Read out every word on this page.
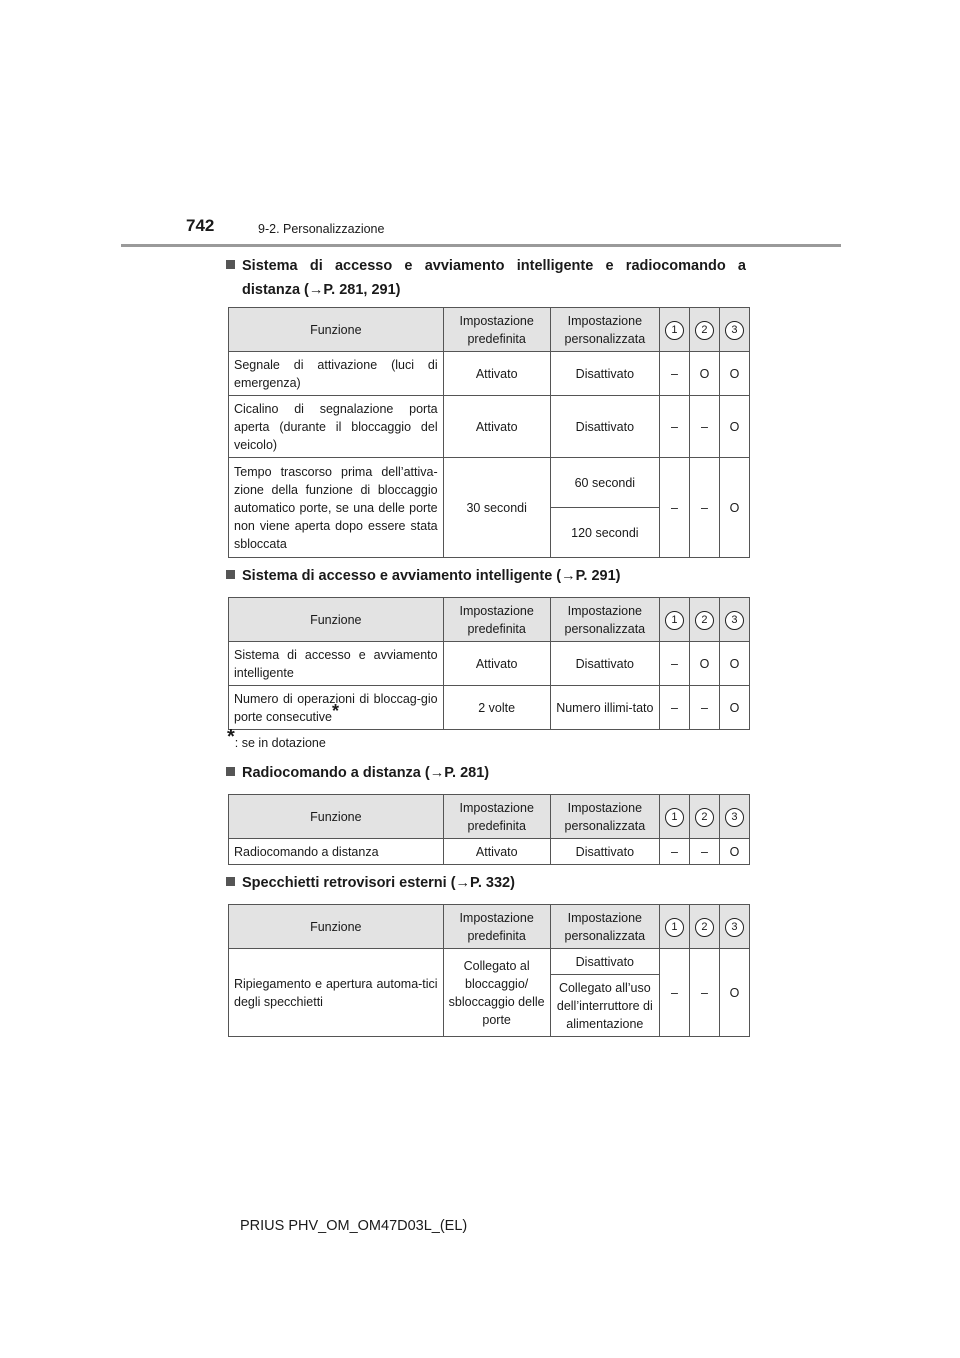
742	9-2. Personalizzazione
Sistema di accesso e avviamento intelligente e radiocomando a
distanza (→P. 281, 291)
Funzione	Impostazione predefinita	Impostazione personalizzata	1	2	3
Segnale di attivazione (luci di emergenza)	Attivato	Disattivato	–	O	O
Cicalino di segnalazione porta aperta (durante il bloccaggio del veicolo)	Attivato	Disattivato	–	–	O
Tempo trascorso prima dell’attiva-zione della funzione di bloccaggio automatico porte, se una delle porte non viene aperta dopo essere stata sbloccata	30 secondi	60 secondi	–	–	O
		120 secondi			
Sistema di accesso e avviamento intelligente (→P. 291)
Funzione	Impostazione predefinita	Impostazione personalizzata	1	2	3
Sistema di accesso e avviamento intelligente	Attivato	Disattivato	–	O	O
Numero di operazioni di bloccag-gio porte consecutive*	2 volte	Numero illimi-tato	–	–	O
*: se in dotazione
Radiocomando a distanza (→P. 281)
Funzione	Impostazione predefinita	Impostazione personalizzata	1	2	3
Radiocomando a distanza	Attivato	Disattivato	–	–	O
Specchietti retrovisori esterni (→P. 332)
Funzione	Impostazione predefinita	Impostazione personalizzata	1	2	3
Ripiegamento e apertura automa-tici degli specchietti	Collegato al bloccaggio/ sbloccaggio delle porte	Disattivato	–	–	O
		Collegato all’uso dell’interruttore di alimentazione			
PRIUS PHV_OM_OM47D03L_(EL)
